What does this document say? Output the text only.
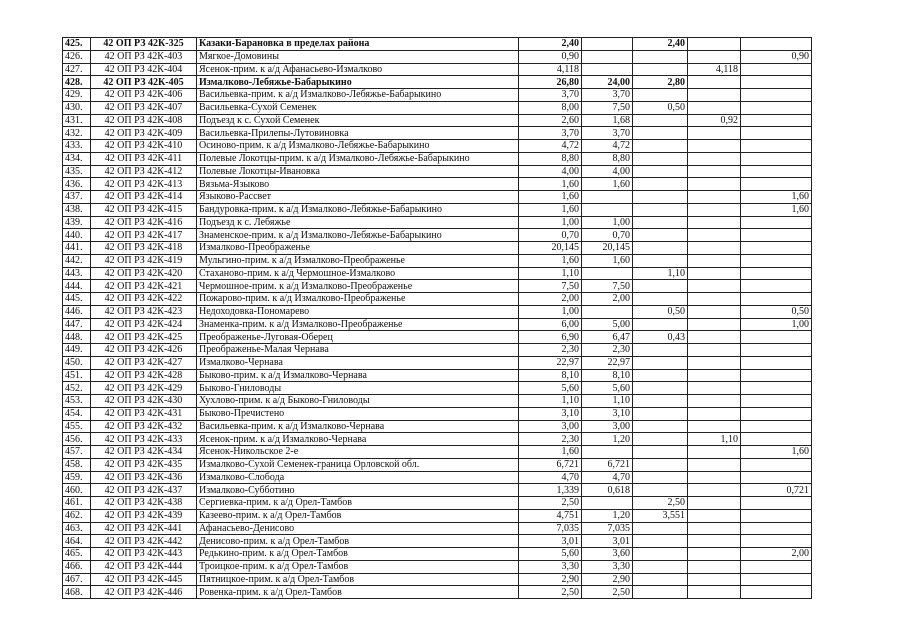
425.	42 ОП РЗ 42К-325	Казаки-Барановка в пределах района	2,40		2,40		
426.	42 ОП РЗ 42К-403	Мягкое-Домовины	0,90				0,90
427.	42 ОП РЗ 42К-404	Ясенок-прим. к а/д Афанасьево-Измалково	4,118			4,118	
428.	42 ОП РЗ 42К-405	Измалково-Лебяжье-Бабарыкино	26,80	24,00	2,80		
429.	42 ОП РЗ 42К-406	Васильевка-прим. к а/д Измалково-Лебяжье-Бабарыкино	3,70	3,70			
430.	42 ОП РЗ 42К-407	Васильевка-Сухой Семенек	8,00	7,50	0,50		
431.	42 ОП РЗ 42К-408	Подъезд к с. Сухой Семенек	2,60	1,68		0,92	
432.	42 ОП РЗ 42К-409	Васильевка-Прилепы-Лутовиновка	3,70	3,70			
433.	42 ОП РЗ 42К-410	Осиново-прим. к а/д Измалково-Лебяжье-Бабарыкино	4,72	4,72			
434.	42 ОП РЗ 42К-411	Полевые Локотцы-прим. к а/д Измалково-Лебяжье-Бабарыкино	8,80	8,80			
435.	42 ОП РЗ 42К-412	Полевые Локотцы-Ивановка	4,00	4,00			
436.	42 ОП РЗ 42К-413	Вязьма-Языково	1,60	1,60			
437.	42 ОП РЗ 42К-414	Языково-Рассвет	1,60				1,60
438.	42 ОП РЗ 42К-415	Бандуровка-прим. к а/д Измалково-Лебяжье-Бабарыкино	1,60				1,60
439.	42 ОП РЗ 42К-416	Подъезд к с. Лебяжье	1,00	1,00			
440.	42 ОП РЗ 42К-417	Знаменское-прим. к а/д Измалково-Лебяжье-Бабарыкино	0,70	0,70			
441.	42 ОП РЗ 42К-418	Измалково-Преображенье	20,145	20,145			
442.	42 ОП РЗ 42К-419	Мульгино-прим. к а/д Измалково-Преображенье	1,60	1,60			
443.	42 ОП РЗ 42К-420	Стаханово-прим. к а/д Чермошное-Измалково	1,10		1,10		
444.	42 ОП РЗ 42К-421	Чермошное-прим. к а/д Измалково-Преображенье	7,50	7,50			
445.	42 ОП РЗ 42К-422	Пожарово-прим. к а/д Измалково-Преображенье	2,00	2,00			
446.	42 ОП РЗ 42К-423	Недоходовка-Пономарево	1,00		0,50		0,50
447.	42 ОП РЗ 42К-424	Знаменка-прим. к а/д Измалково-Преображенье	6,00	5,00			1,00
448.	42 ОП РЗ 42К-425	Преображенье-Луговая-Оберец	6,90	6,47	0,43		
449.	42 ОП РЗ 42К-426	Преображенье-Малая Чернава	2,30	2,30			
450.	42 ОП РЗ 42К-427	Измалково-Чернава	22,97	22,97			
451.	42 ОП РЗ 42К-428	Быково-прим. к а/д Измалково-Чернава	8,10	8,10			
452.	42 ОП РЗ 42К-429	Быково-Гниловоды	5,60	5,60			
453.	42 ОП РЗ 42К-430	Хухлово-прим. к а/д Быково-Гниловоды	1,10	1,10			
454.	42 ОП РЗ 42К-431	Быково-Пречистено	3,10	3,10			
455.	42 ОП РЗ 42К-432	Васильевка-прим. к а/д Измалково-Чернава	3,00	3,00			
456.	42 ОП РЗ 42К-433	Ясенок-прим. к а/д Измалково-Чернава	2,30	1,20		1,10	
457.	42 ОП РЗ 42К-434	Ясенок-Никольское 2-е	1,60				1,60
458.	42 ОП РЗ 42К-435	Измалково-Сухой Семенек-граница Орловской обл.	6,721	6,721			
459.	42 ОП РЗ 42К-436	Измалково-Слобода	4,70	4,70			
460.	42 ОП РЗ 42К-437	Измалково-Субботино	1,339	0,618			0,721
461.	42 ОП РЗ 42К-438	Сергиевка-прим. к а/д Орел-Тамбов	2,50		2,50		
462.	42 ОП РЗ 42К-439	Казеево-прим. к а/д Орел-Тамбов	4,751	1,20	3,551		
463.	42 ОП РЗ 42К-441	Афанасьево-Денисово	7,035	7,035			
464.	42 ОП РЗ 42К-442	Денисово-прим. к а/д Орел-Тамбов	3,01	3,01			
465.	42 ОП РЗ 42К-443	Редькино-прим. к а/д Орел-Тамбов	5,60	3,60			2,00
466.	42 ОП РЗ 42К-444	Троицкое-прим. к а/д Орел-Тамбов	3,30	3,30			
467.	42 ОП РЗ 42К-445	Пятницкое-прим. к а/д Орел-Тамбов	2,90	2,90			
468.	42 ОП РЗ 42К-446	Ровенка-прим. к а/д Орел-Тамбов	2,50	2,50			
